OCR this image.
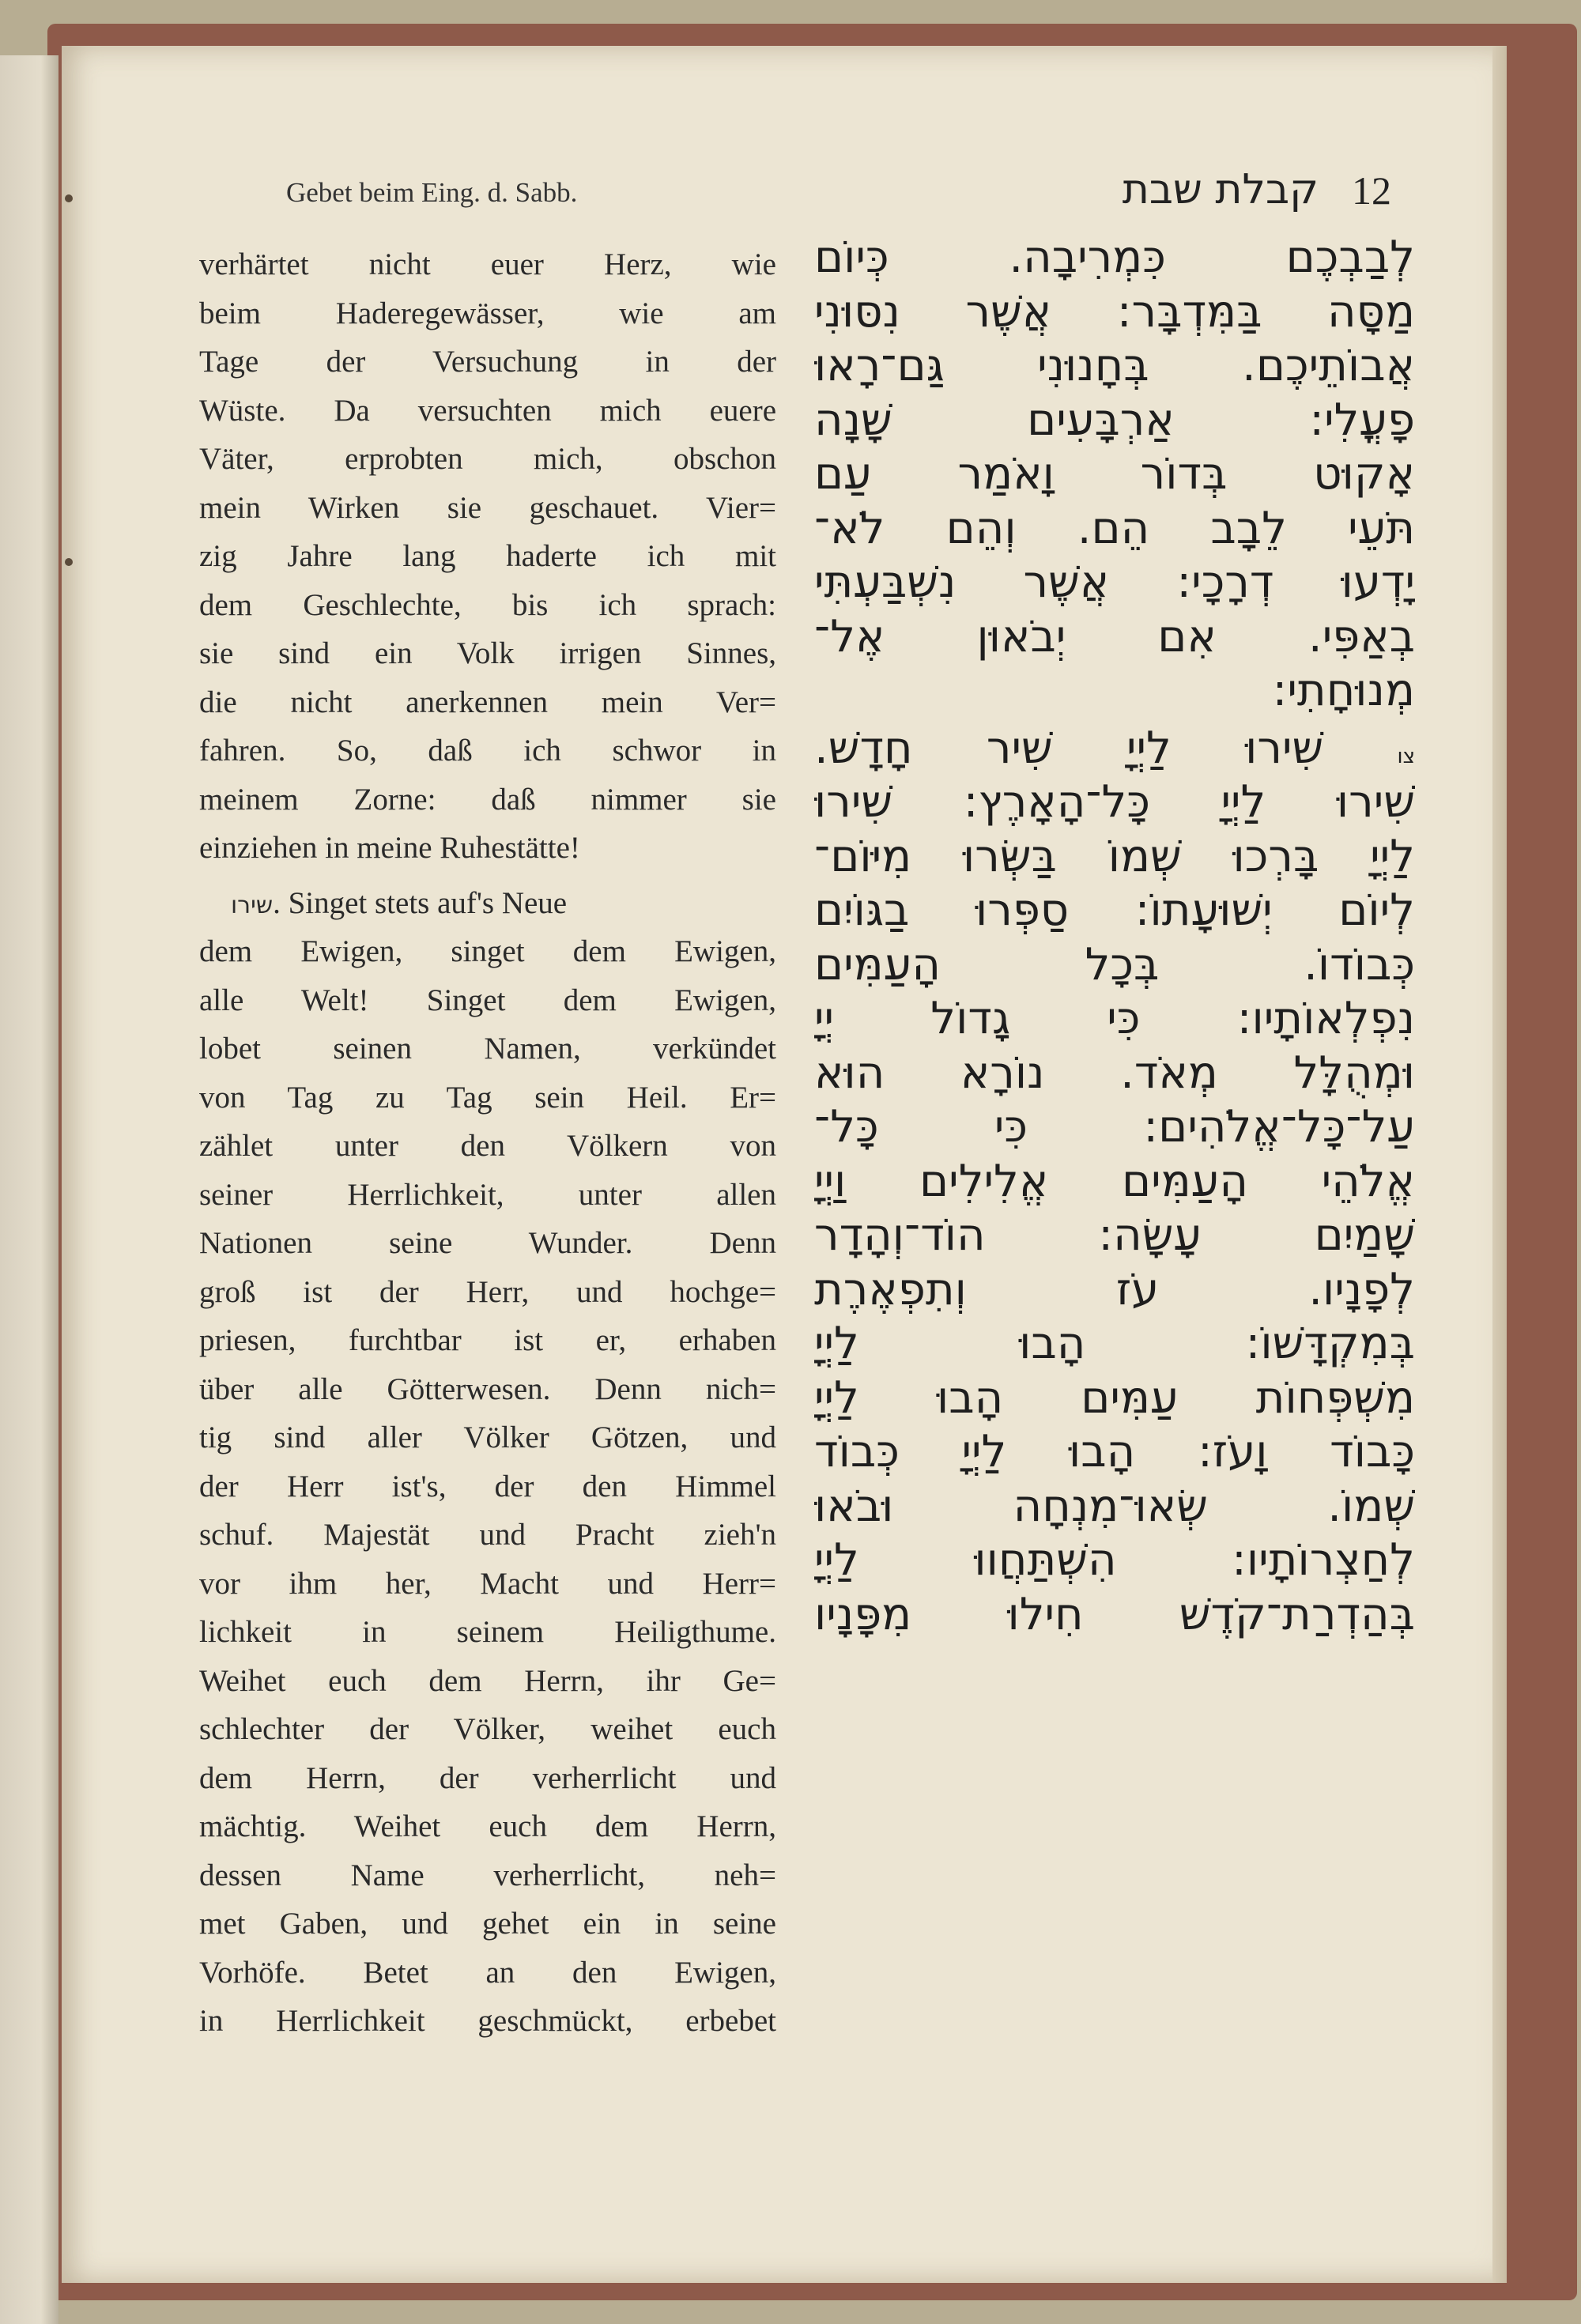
Gebet beim Eing. d. Sabb.	קבלת שבת 12
verhärtet nicht euer Herz, wie
beim Haderegewässer, wie am
Tage der Versuchung in der
Wüste. Da versuchten mich euere
Väter, erprobten mich, obschon
mein Wirken sie geschauet. Vier=
zig Jahre lang haderte ich mit
dem Geschlechte, bis ich sprach:
sie sind ein Volk irrigen Sinnes,
die nicht anerkennen mein Ver=
fahren. So, daß ich schwor in
meinem Zorne: daß nimmer sie
einziehen in meine Ruhestätte!
שירו. Singet stets auf's Neue
dem Ewigen, singet dem Ewigen,
alle Welt! Singet dem Ewigen,
lobet seinen Namen, verkündet
von Tag zu Tag sein Heil. Er=
zählet unter den Völkern von
seiner Herrlichkeit, unter allen
Nationen seine Wunder. Denn
groß ist der Herr, und hochge=
priesen, furchtbar ist er, erhaben
über alle Götterwesen. Denn nich=
tig sind aller Völker Götzen, und
der Herr ist's, der den Himmel
schuf. Majestät und Pracht zieh'n
vor ihm her, Macht und Herr=
lichkeit in seinem Heiligthume.
Weihet euch dem Herrn, ihr Ge=
schlechter der Völker, weihet euch
dem Herrn, der verherrlicht und
mächtig. Weihet euch dem Herrn,
dessen Name verherrlicht, neh=
met Gaben, und gehet ein in seine
Vorhöfe. Betet an den Ewigen,
in Herrlichkeit geschmückt, erbebet
לְבַבְכֶם כִּמְרִיבָה. כְּיוֹם
מַסָּה בַּמִּדְבָּר: אֲשֶׁר נִסּוּנִי
אֲבוֹתֵיכֶם. בְּחָנוּנִי גַּם־רָאוּ
פָעֳלִי: אַרְבָּעִים שָׁנָה
אָקוּט בְּדוֹר וָאֹמַר עַם
תֹּעֵי לֵבָב הֵם. וְהֵם לֹא־
יָדְעוּ דְרָכָי: אֲשֶׁר נִשְׁבַּעְתִּי
בְאַפִּי. אִם יְבֹאוּן אֶל־
מְנוּחָתִי:
צו שִׁירוּ לַיְיָ שִׁיר חָדָשׁ.
שִׁירוּ לַיְיָ כָּל־הָאָרֶץ: שִׁירוּ
לַיְיָ בָּרְכוּ שְׁמוֹ בַּשְּׂרוּ מִיּוֹם־
לְיוֹם יְשׁוּעָתוֹ: סַפְּרוּ בַגּוֹיִם
כְּבוֹדוֹ. בְּכָל הָעַמִּים
נִפְלְאוֹתָיו: כִּי גָדוֹל יְיָ
וּמְהֻלָּל מְאֹד. נוֹרָא הוּא
עַל־כָּל־אֱלֹהִים: כִּי כָּל־
אֱלֹהֵי הָעַמִּים אֱלִילִים וַיְיָ
שָׁמַיִם עָשָׂה: הוֹד־וְהָדָר
לְפָנָיו. עֹז וְתִפְאֶרֶת
בְּמִקְדָּשׁוֹ: הָבוּ לַיְיָ
מִשְׁפְּחוֹת עַמִּים הָבוּ לַיְיָ
כָּבוֹד וָעֹז: הָבוּ לַיְיָ כְּבוֹד
שְׁמוֹ. שְׂאוּ־מִנְחָה וּבֹאוּ
לְחַצְרוֹתָיו: הִשְׁתַּחֲווּ לַיְיָ
בְּהַדְרַת־קֹדֶשׁ חִילוּ מִפָּנָיו
